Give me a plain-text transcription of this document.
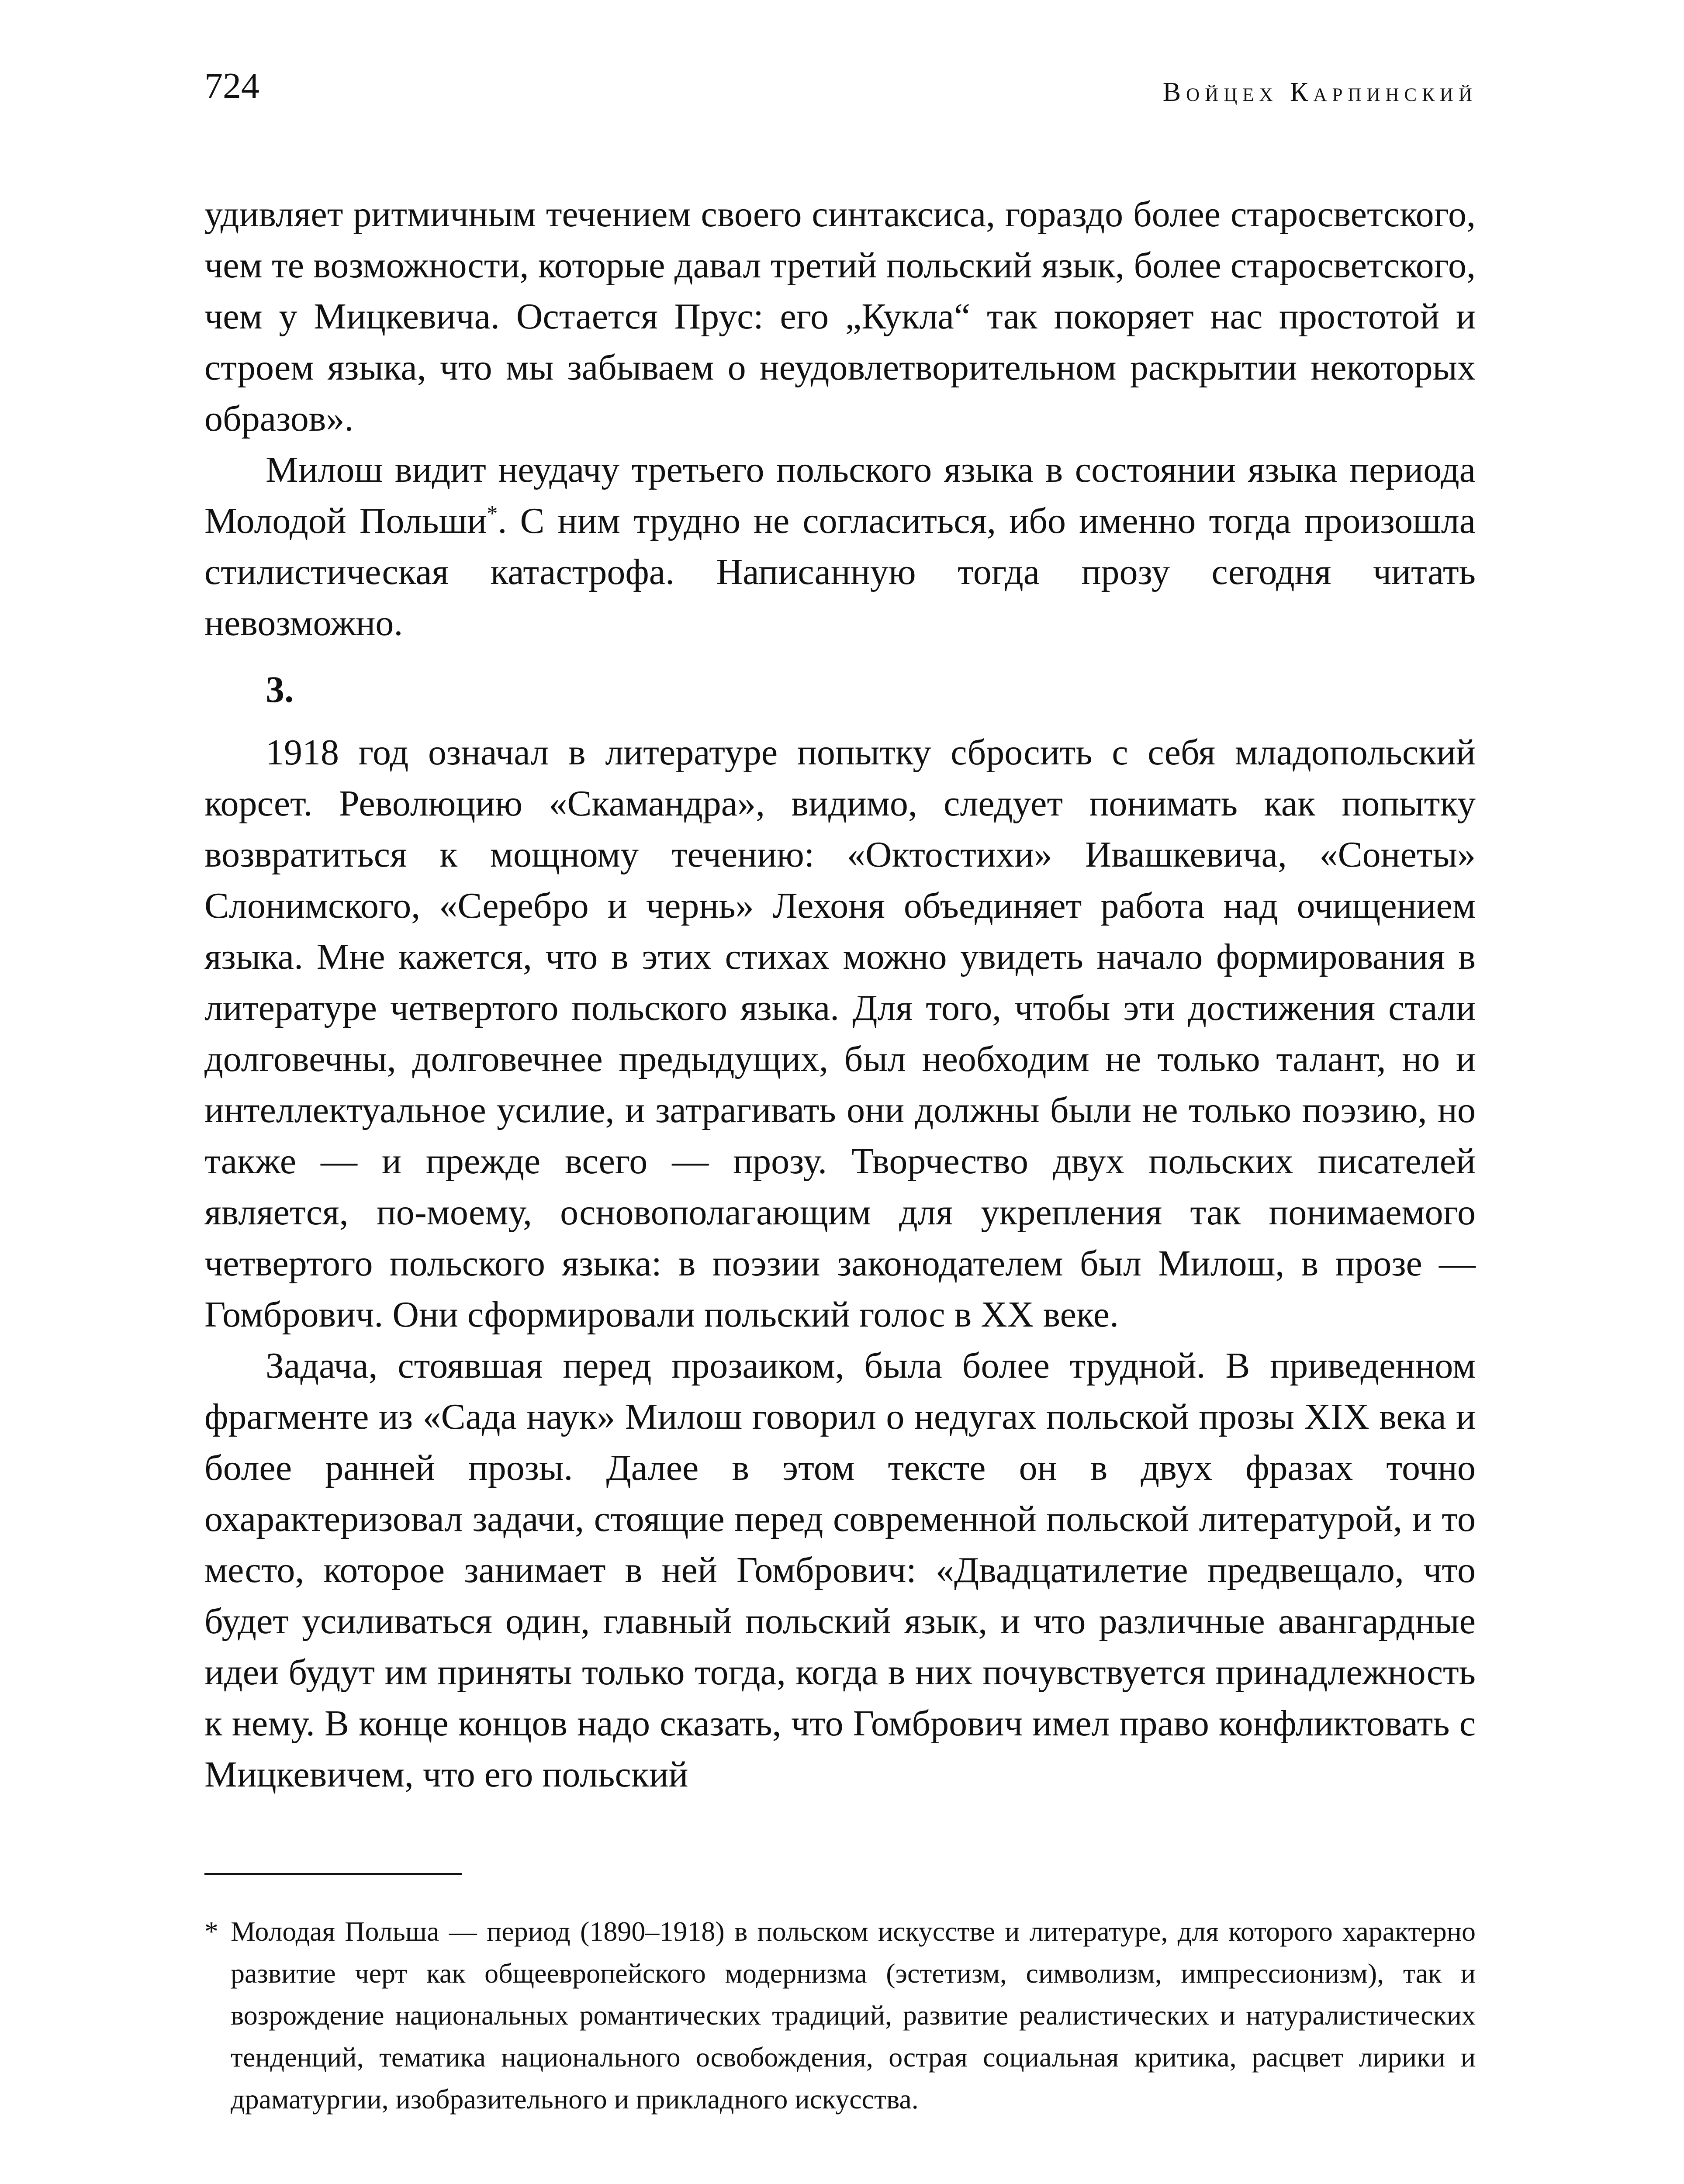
724	Войцех Карпинский

удивляет ритмичным течением своего синтаксиса, гораздо более старосветского, чем те возможности, которые давал третий польский язык, более старосветского, чем у Мицкевича. Остается Прус: его „Кукла“ так покоряет нас простотой и строем языка, что мы забываем о неудовлетворительном раскрытии некоторых образов».

Милош видит неудачу третьего польского языка в состоянии языка периода Молодой Польши*. С ним трудно не согласиться, ибо именно тогда произошла стилистическая катастрофа. Написанную тогда прозу сегодня читать невозможно.

3.

1918 год означал в литературе попытку сбросить с себя младопольский корсет. Революцию «Скамандра», видимо, следует понимать как попытку возвратиться к мощному течению: «Октостихи» Ивашкевича, «Сонеты» Слонимского, «Серебро и чернь» Лехоня объединяет работа над очищением языка. Мне кажется, что в этих стихах можно увидеть начало формирования в литературе четвертого польского языка. Для того, чтобы эти достижения стали долговечны, долговечнее предыдущих, был необходим не только талант, но и интеллектуальное усилие, и затрагивать они должны были не только поэзию, но также — и прежде всего — прозу. Творчество двух польских писателей является, по-моему, основополагающим для укрепления так понимаемого четвертого польского языка: в поэзии законодателем был Милош, в прозе — Гомбрович. Они сформировали польский голос в XX веке.

Задача, стоявшая перед прозаиком, была более трудной. В приведенном фрагменте из «Сада наук» Милош говорил о недугах польской прозы XIX века и более ранней прозы. Далее в этом тексте он в двух фразах точно охарактеризовал задачи, стоящие перед современной польской литературой, и то место, которое занимает в ней Гомбрович: «Двадцатилетие предвещало, что будет усиливаться один, главный польский язык, и что различные авангардные идеи будут им приняты только тогда, когда в них почувствуется принадлежность к нему. В конце концов надо сказать, что Гомбрович имел право конфликтовать с Мицкевичем, что его польский

* Молодая Польша — период (1890–1918) в польском искусстве и литературе, для которого характерно развитие черт как общеевропейского модернизма (эстетизм, символизм, импрессионизм), так и возрождение национальных романтических традиций, развитие реалистических и натуралистических тенденций, тематика национального освобождения, острая социальная критика, расцвет лирики и драматургии, изобразительного и прикладного искусства.
